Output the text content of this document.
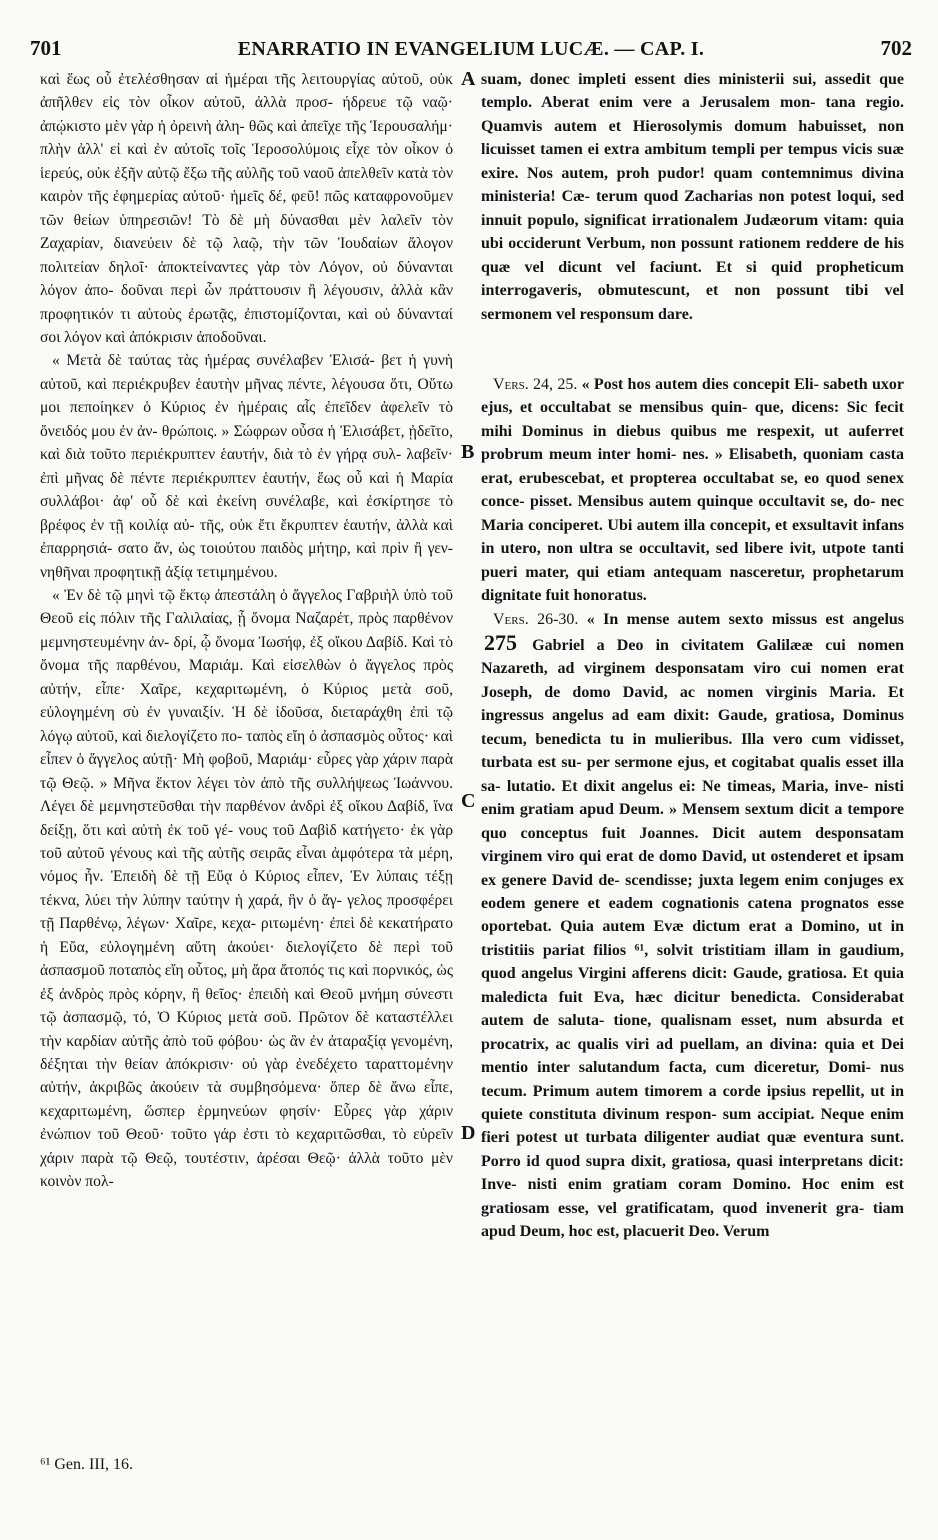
701	ENARRATIO IN EVANGELIUM LUCÆ. — CAP. I.	702

καὶ ἕως οὗ ἐτελέσθησαν αἱ ἡμέραι τῆς λειτουργίας αὐτοῦ, οὐκ ἀπῆλθεν εἰς τὸν οἶκον αὐτοῦ, ἀλλὰ προσ- ήδρευε τῷ ναῷ· ἀπῴκιστο μὲν γὰρ ἡ ὀρεινὴ ἀλη- θῶς καὶ ἀπεῖχε τῆς Ἱερουσαλήμ· πλὴν ἀλλ' εἰ καὶ ἐν αὐτοῖς τοῖς Ἱεροσολύμοις εἶχε τὸν οἶκον ὁ ἱερεύς, οὐκ ἐξῆν αὐτῷ ἔξω τῆς αὐλῆς τοῦ ναοῦ ἀπελθεῖν κατὰ τὸν καιρὸν τῆς ἐφημερίας αὐτοῦ· ἡμεῖς δέ, φεῦ! πῶς καταφρονοῦμεν τῶν θείων ὑπηρεσιῶν! Τὸ δὲ μὴ δύνασθαι μὲν λαλεῖν τὸν Ζαχαρίαν, διανεύειν δὲ τῷ λαῷ, τὴν τῶν Ἰουδαίων ἄλογον πολιτείαν δηλοῖ· ἀποκτείναντες γὰρ τὸν Λόγον, οὐ δύνανται λόγον ἀπο- δοῦναι περὶ ὧν πράττουσιν ἢ λέγουσιν, ἀλλὰ κἂν προφητικόν τι αὐτοὺς ἐρωτᾷς, ἐπιστομίζονται, καὶ οὐ δύνανταί σοι λόγον καὶ ἀπόκρισιν ἀποδοῦναι.

« Μετὰ δὲ ταύτας τὰς ἡμέρας συνέλαβεν Ἐλισά- βετ ἡ γυνὴ αὐτοῦ, καὶ περιέκρυβεν ἑαυτὴν μῆνας πέντε, λέγουσα ὅτι, Οὕτω μοι πεποίηκεν ὁ Κύριος ἐν ἡμέραις αἷς ἐπεῖδεν ἀφελεῖν τὸ ὄνειδός μου ἐν ἀν- θρώποις. » Σώφρων οὖσα ἡ Ἐλισάβετ, ᾐδεῖτο, καὶ διὰ τοῦτο περιέκρυπτεν ἑαυτήν, διὰ τὸ ἐν γήρᾳ συλ- λαβεῖν· ἐπὶ μῆνας δὲ πέντε περιέκρυπτεν ἑαυτήν, ἕως οὗ καὶ ἡ Μαρία συλλάβοι· ἀφ' οὗ δὲ καὶ ἐκείνη συνέλαβε, καὶ ἐσκίρτησε τὸ βρέφος ἐν τῇ κοιλίᾳ αὐ- τῆς, οὐκ ἔτι ἔκρυπτεν ἑαυτήν, ἀλλὰ καὶ ἐπαρρησιά- σατο ἄν, ὡς τοιούτου παιδὸς μήτηρ, καὶ πρὶν ἢ γεν- νηθῆναι προφητικῇ ἀξίᾳ τετιμημένου.

« Ἐν δὲ τῷ μηνὶ τῷ ἕκτῳ ἀπεστάλη ὁ ἄγγελος Γαβριὴλ ὑπὸ τοῦ Θεοῦ εἰς πόλιν τῆς Γαλιλαίας, ᾗ ὄνομα Ναζαρέτ, πρὸς παρθένον μεμνηστευμένην ἀν- δρί, ᾧ ὄνομα Ἰωσήφ, ἐξ οἴκου Δαβίδ. Καὶ τὸ ὄνομα τῆς παρθένου, Μαριάμ. Καὶ εἰσελθὼν ὁ ἄγγελος πρὸς αὐτήν, εἶπε· Χαῖρε, κεχαριτωμένη, ὁ Κύριος μετὰ σοῦ, εὐλογημένη σὺ ἐν γυναιξίν. Ἡ δὲ ἰδοῦσα, διεταράχθη ἐπὶ τῷ λόγῳ αὐτοῦ, καὶ διελογίζετο πο- ταπὸς εἴη ὁ ἀσπασμὸς οὗτος· καὶ εἶπεν ὁ ἄγγελος αὐτῇ· Μὴ φοβοῦ, Μαριάμ· εὗρες γὰρ χάριν παρὰ τῷ Θεῷ. » Μῆνα ἕκτον λέγει τὸν ἀπὸ τῆς συλλήψεως Ἰωάννου. Λέγει δὲ μεμνηστεῦσθαι τὴν παρθένον ἀνδρὶ ἐξ οἴκου Δαβίδ, ἵνα δείξῃ, ὅτι καὶ αὐτὴ ἐκ τοῦ γέ- νους τοῦ Δαβὶδ κατήγετο· ἐκ γὰρ τοῦ αὐτοῦ γένους καὶ τῆς αὐτῆς σειρᾶς εἶναι ἀμφότερα τὰ μέρη, νόμος ἦν. Ἐπειδὴ δὲ τῇ Εὔᾳ ὁ Κύριος εἶπεν, Ἐν λύπαις τέξῃ τέκνα, λύει τὴν λύπην ταύτην ἡ χαρά, ἣν ὁ ἄγ- γελος προσφέρει τῇ Παρθένῳ, λέγων· Χαῖρε, κεχα- ριτωμένη· ἐπεὶ δὲ κεκατήρατο ἡ Εὔα, εὐλογημένη αὕτη ἀκούει· διελογίζετο δὲ περὶ τοῦ ἀσπασμοῦ ποταπὸς εἴη οὗτος, μὴ ἄρα ἄτοπός τις καὶ πορνικός, ὡς ἐξ ἀνδρὸς πρὸς κόρην, ἢ θεῖος· ἐπειδὴ καὶ Θεοῦ μνήμη σύνεστι τῷ ἀσπασμῷ, τό, Ὁ Κύριος μετὰ σοῦ. Πρῶτον δὲ καταστέλλει τὴν καρδίαν αὐτῆς ἀπὸ τοῦ φόβου· ὡς ἂν ἐν ἀταραξίᾳ γενομένη, δέξηται τὴν θείαν ἀπόκρισιν· οὐ γὰρ ἐνεδέχετο ταραττομένην αὐτήν, ἀκριβῶς ἀκούειν τὰ συμβησόμενα· ὅπερ δὲ ἄνω εἶπε, κεχαριτωμένη, ὥσπερ ἑρμηνεύων φησίν· Εὗρες γὰρ χάριν ἐνώπιον τοῦ Θεοῦ· τοῦτο γάρ ἐστι τὸ κεχαριτῶσθαι, τὸ εὑρεῖν χάριν παρὰ τῷ Θεῷ, τουτέστιν, ἀρέσαι Θεῷ· ἀλλὰ τοῦτο μὲν κοινὸν πολ-

A
B
C
D

suam, donec impleti essent dies ministerii sui, assedit que templo. Aberat enim vere a Jerusalem mon- tana regio. Quamvis autem et Hierosolymis domum habuisset, non licuisset tamen ei extra ambitum templi per tempus vicis suæ exire. Nos autem, proh pudor! quam contemnimus divina ministeria! Cæ- terum quod Zacharias non potest loqui, sed innuit populo, significat irrationalem Judæorum vitam: quia ubi occiderunt Verbum, non possunt rationem reddere de his quæ vel dicunt vel faciunt. Et si quid propheticum interrogaveris, obmutescunt, et non possunt tibi vel sermonem vel responsum dare.

Vers. 24, 25. « Post hos autem dies concepit Eli- sabeth uxor ejus, et occultabat se mensibus quin- que, dicens: Sic fecit mihi Dominus in diebus quibus me respexit, ut auferret probrum meum inter homi- nes. » Elisabeth, quoniam casta erat, erubescebat, et propterea occultabat se, eo quod senex conce- pisset. Mensibus autem quinque occultavit se, do- nec Maria conciperet. Ubi autem illa concepit, et exsultavit infans in utero, non ultra se occultavit, sed libere ivit, utpote tanti pueri mater, qui etiam antequam nasceretur, prophetarum dignitate fuit honoratus.

Vers. 26-30. « In mense autem sexto missus est angelus 275 Gabriel a Deo in civitatem Galilææ cui nomen Nazareth, ad virginem desponsatam viro cui nomen erat Joseph, de domo David, ac nomen virginis Maria. Et ingressus angelus ad eam dixit: Gaude, gratiosa, Dominus tecum, benedicta tu in mulieribus. Illa vero cum vidisset, turbata est su- per sermone ejus, et cogitabat qualis esset illa sa- lutatio. Et dixit angelus ei: Ne timeas, Maria, inve- nisti enim gratiam apud Deum. » Mensem sextum dicit a tempore quo conceptus fuit Joannes. Dicit autem desponsatam virginem viro qui erat de domo David, ut ostenderet et ipsam ex genere David de- scendisse; juxta legem enim conjuges ex eodem genere et eadem cognationis catena prognatos esse oportebat. Quia autem Evæ dictum erat a Domino, ut in tristitiis pariat filios ⁶¹, solvit tristitiam illam in gaudium, quod angelus Virgini afferens dicit: Gaude, gratiosa. Et quia maledicta fuit Eva, hæc dicitur benedicta. Considerabat autem de saluta- tione, qualisnam esset, num absurda et procatrix, ac qualis viri ad puellam, an divina: quia et Dei mentio inter salutandum facta, cum diceretur, Domi- nus tecum. Primum autem timorem a corde ipsius repellit, ut in quiete constituta divinum respon- sum accipiat. Neque enim fieri potest ut turbata diligenter audiat quæ eventura sunt. Porro id quod supra dixit, gratiosa, quasi interpretans dicit: Inve- nisti enim gratiam coram Domino. Hoc enim est gratiosam esse, vel gratificatam, quod invenerit gra- tiam apud Deum, hoc est, placuerit Deo. Verum

⁶¹ Gen. III, 16.
